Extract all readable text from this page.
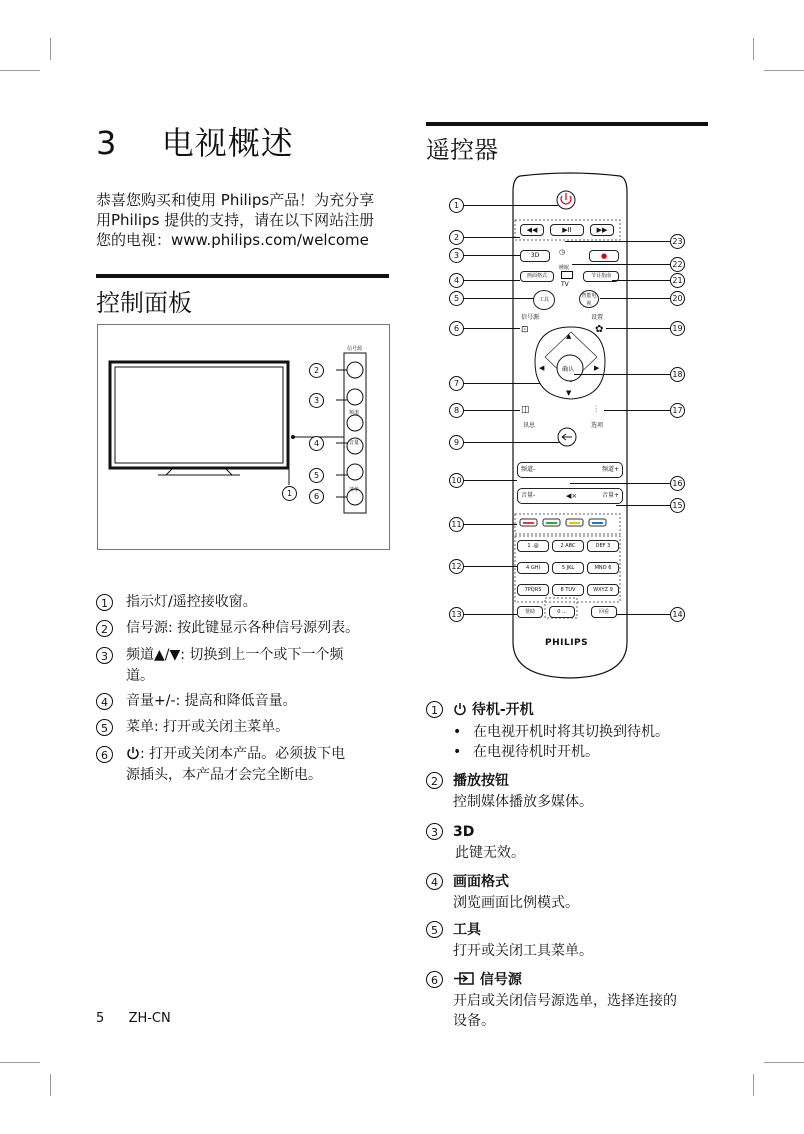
3 电视概述
恭喜您购买和使用 Philips产品！为充分享
用Philips 提供的支持，请在以下网站注册
您的电视：www.philips.com/welcome
控制面板
信号源
频道
音量
菜单
2
3
4
5
6
1
1 指示灯/遥控接收窗。
2 信号源: 按此键显示各种信号源列表。
3 频道▲/▼: 切换到上一个或下一个频
道。
4 音量+/-: 提高和降低音量。
5 菜单: 打开或关闭主菜单。
6	: 打开或关闭本产品。必须拔下电
源插头，本产品才会完全断电。
遥控器
◀◀	▶II	▶▶
3D	◷	●
睡眠
画面格式
TV
节目指南
工具
智能电视
信号源	设置
⊡	✿
确认
▲
▼
◀	▶
◫	⫶
讯息	选项
频道-	频道+
音量-	◀×	音量+
1 .@	2 ABC	DEF 3
4 GHI	5 JKL	MNO 6
7PQRS	8 TUV	WXYZ 9
帮助	0 ...	回看
PHILIPS
1
2
3
4
5
6
7
8
9
10
11
12
13
23
22
21
20
19
18
17
16
15
14
1	待机-开机
• 在电视开机时将其切换到待机。
• 在电视待机时开机。
2 播放按钮
控制媒体播放多媒体。
3 3D
此键无效。
4 画面格式
浏览画面比例模式。
5 工具
打开或关闭工具菜单。
6	信号源
开启或关闭信号源选单，选择连接的
设备。
5 ZH-CN
